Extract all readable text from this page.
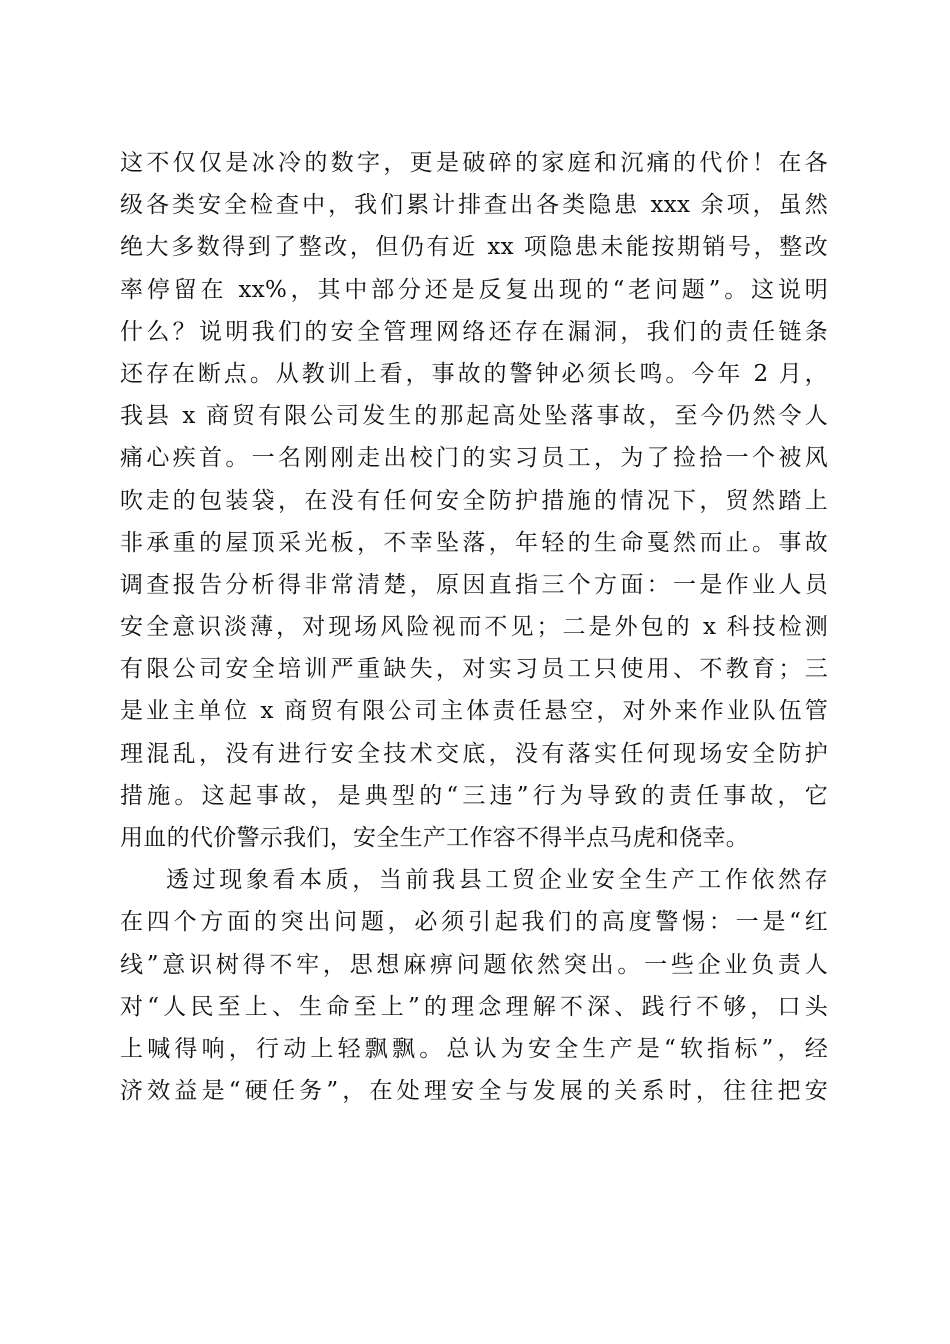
这不仅仅是冰冷的数字，更是破碎的家庭和沉痛的代价！在各
级各类安全检查中，我们累计排查出各类隐患 xxx 余项，虽然
绝大多数得到了整改，但仍有近 xx 项隐患未能按期销号，整改
率停留在 xx%，其中部分还是反复出现的“老问题”。这说明
什么？说明我们的安全管理网络还存在漏洞，我们的责任链条
还存在断点。从教训上看，事故的警钟必须长鸣。今年 2 月，
我县 x 商贸有限公司发生的那起高处坠落事故，至今仍然令人
痛心疾首。一名刚刚走出校门的实习员工，为了捡拾一个被风
吹走的包装袋，在没有任何安全防护措施的情况下，贸然踏上
非承重的屋顶采光板，不幸坠落，年轻的生命戛然而止。事故
调查报告分析得非常清楚，原因直指三个方面：一是作业人员
安全意识淡薄，对现场风险视而不见；二是外包的 x 科技检测
有限公司安全培训严重缺失，对实习员工只使用、不教育；三
是业主单位 x 商贸有限公司主体责任悬空，对外来作业队伍管
理混乱，没有进行安全技术交底，没有落实任何现场安全防护
措施。这起事故，是典型的“三违”行为导致的责任事故，它
用血的代价警示我们，安全生产工作容不得半点马虎和侥幸。
透过现象看本质，当前我县工贸企业安全生产工作依然存
在四个方面的突出问题，必须引起我们的高度警惕：一是“红
线”意识树得不牢，思想麻痹问题依然突出。一些企业负责人
对“人民至上、生命至上”的理念理解不深、践行不够，口头
上喊得响，行动上轻飘飘。总认为安全生产是“软指标”，经
济效益是“硬任务”，在处理安全与发展的关系时，往往把安
